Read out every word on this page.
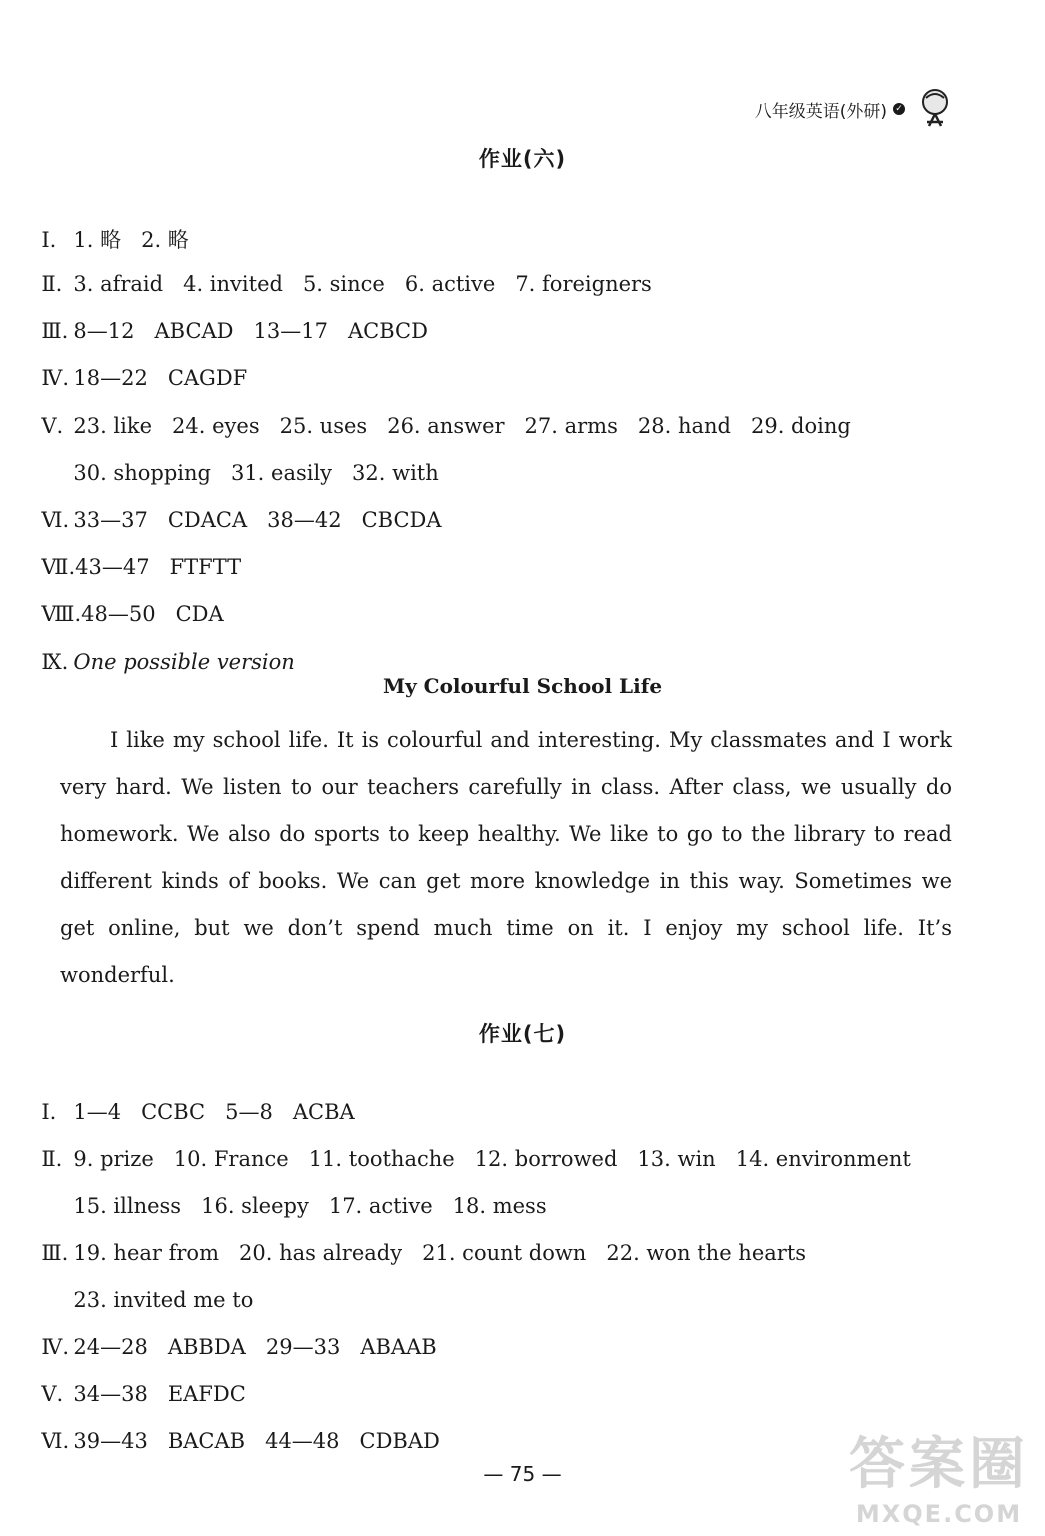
八年级英语(外研) ✓
作业(六)

Ⅰ. 1. 略 2. 略

Ⅱ. 3. afraid 4. invited 5. since 6. active 7. foreigners

Ⅲ. 8—12 ABCAD 13—17 ACBCD

Ⅳ. 18—22 CAGDF

Ⅴ. 23. like 24. eyes 25. uses 26. answer 27. arms 28. hand 29. doing

30. shopping 31. easily 32. with

Ⅵ. 33—37 CDACA 38—42 CBCDA

Ⅶ.43—47 FTFTT

Ⅷ.48—50 CDA

Ⅸ. One possible version

My Colourful School Life
I like my school life. It is colourful and interesting. My classmates and I work very hard. We listen to our teachers carefully in class. After class, we usually do homework. We also do sports to keep healthy. We like to go to the library to read different kinds of books. We can get more knowledge in this way. Sometimes we get online, but we don’t spend much time on it. I enjoy my school life. It’s wonderful.
作业(七)

Ⅰ. 1—4 CCBC 5—8 ACBA

Ⅱ. 9. prize 10. France 11. toothache 12. borrowed 13. win 14. environment

15. illness 16. sleepy 17. active 18. mess

Ⅲ. 19. hear from 20. has already 21. count down 22. won the hearts

23. invited me to

Ⅳ. 24—28 ABBDA 29—33 ABAAB

Ⅴ. 34—38 EAFDC

Ⅵ. 39—43 BACAB 44—48 CDBAD

— 75 —	答案圈
MXQE.COM
